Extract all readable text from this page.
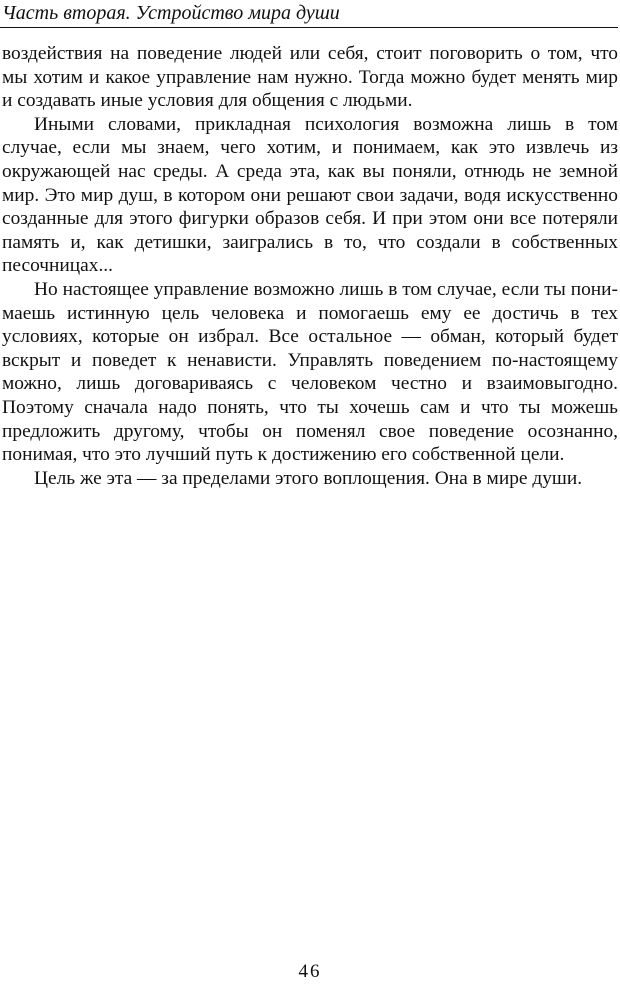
Часть вторая. Устройство мира души

воздействия на поведение людей или себя, стоит поговорить о том, что мы хотим и какое управление нам нужно. Тогда можно будет менять мир и создавать иные условия для общения с людьми.

Иными словами, прикладная психология возможна лишь в том случае, если мы знаем, чего хотим, и понимаем, как это извлечь из окружающей нас среды. А среда эта, как вы поняли, отнюдь не земной мир. Это мир душ, в котором они решают свои задачи, водя искусственно созданные для этого фигурки образов себя. И при этом они все потеряли память и, как детишки, заигрались в то, что создали в собственных песочницах...

Но настоящее управление возможно лишь в том случае, если ты понимаешь истинную цель человека и помогаешь ему ее достичь в тех условиях, которые он избрал. Все остальное — обман, который будет вскрыт и поведет к ненависти. Управлять поведением по-настоящему можно, лишь договариваясь с человеком честно и взаимовыгодно. Поэтому сначала надо понять, что ты хочешь сам и что ты можешь предложить другому, чтобы он поменял свое поведение осознанно, понимая, что это лучший путь к достижению его собственной цели.

Цель же эта — за пределами этого воплощения. Она в мире души.

46
